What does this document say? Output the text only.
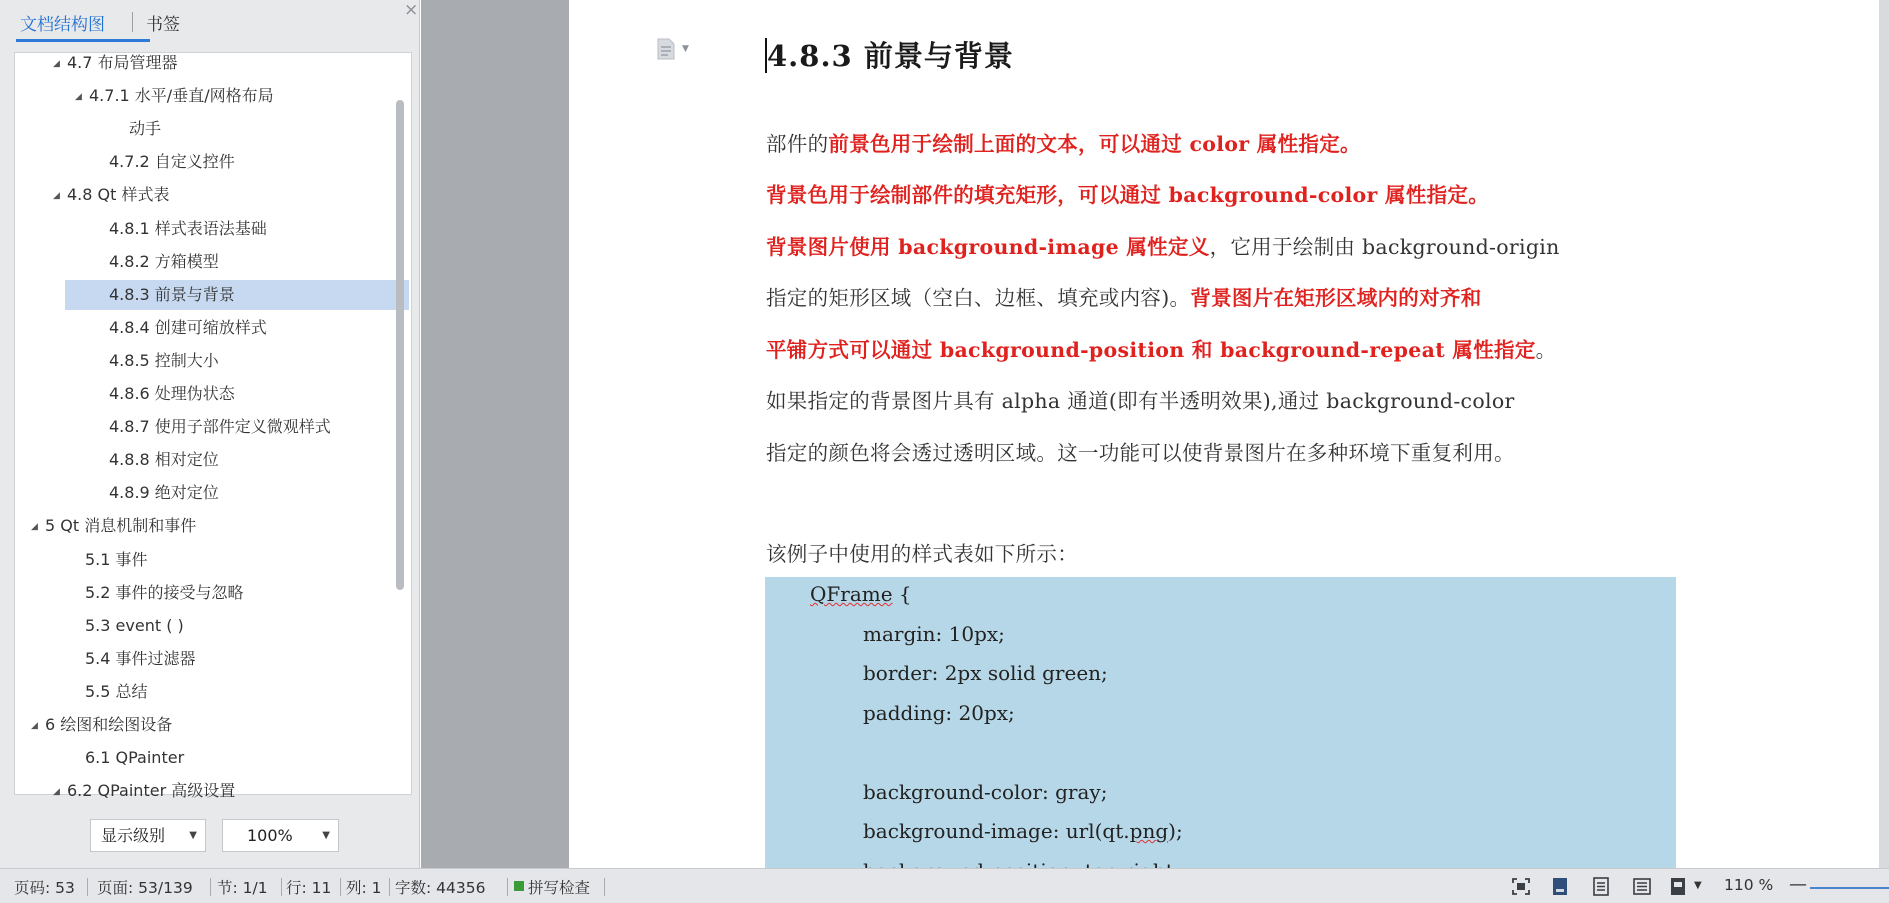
文档结构图 书签
×
◢ 4.7 布局管理器
◢ 4.7.1 水平/垂直/网格布局
动手
4.7.2 自定义控件
◢ 4.8 Qt 样式表
4.8.1 样式表语法基础
4.8.2 方箱模型
4.8.3 前景与背景
4.8.4 创建可缩放样式
4.8.5 控制大小
4.8.6 处理伪状态
4.8.7 使用子部件定义微观样式
4.8.8 相对定位
4.8.9 绝对定位
◢ 5 Qt 消息机制和事件
5.1 事件
5.2 事件的接受与忽略
5.3 event ( )
5.4 事件过滤器
5.5 总结
◢ 6 绘图和绘图设备
6.1 QPainter
◢ 6.2 QPainter 高级设置
显示级别 ▼	100%	▼
▼	4.8.3 前景与背景
QFrame {
margin: 10px;
border: 2px solid green;
padding: 20px;
background-color: gray;
background-image: url(qt.png);
部件的前景色用于绘制上面的文本，可以通过 color 属性指定。
背景色用于绘制部件的填充矩形，可以通过 background-color 属性指定。
背景图片使用 background-image 属性定义，它用于绘制由 background-origin
指定的矩形区域（空白、边框、填充或内容)。背景图片在矩形区域内的对齐和
平铺方式可以通过 background-position 和 background-repeat 属性指定。
如果指定的背景图片具有 alpha 通道(即有半透明效果),通过 background-color
指定的颜色将会透过透明区域。这一功能可以使背景图片在多种环境下重复利用。
该例子中使用的样式表如下所示：
页码: 53 页面: 53/139 节: 1/1 行: 11 列: 1 字数: 44356	拼写检查	▼ 110 % —
